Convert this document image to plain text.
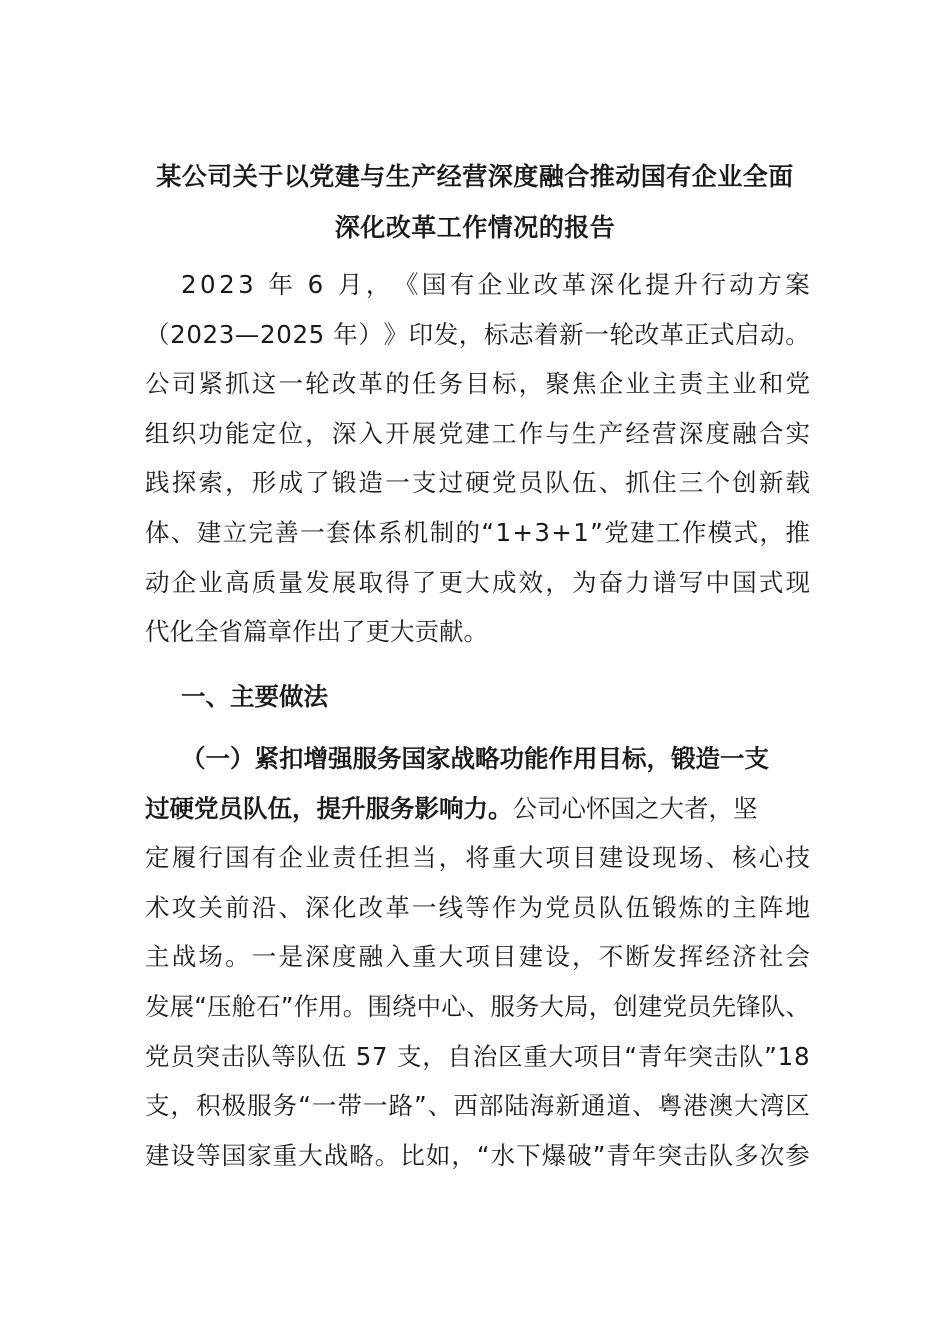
某公司关于以党建与生产经营深度融合推动国有企业全面
深化改革工作情况的报告
2 0 2 3
年
6
月 ， 《 国 有 企 业 改 革 深 化 提 升 行 动 方 案
（ 2 0 2 3 — 2 0 2 5
年 ） 》 印 发 ， 标 志 着 新 一 轮 改 革 正 式 启 动 。
公 司 紧 抓 这 一 轮 改 革 的 任 务 目 标 ， 聚 焦 企 业 主 责 主 业 和 党
组 织 功 能 定 位 ， 深 入 开 展 党 建 工 作 与 生 产 经 营 深 度 融 合 实
践 探 索 ， 形 成 了 锻 造 一 支 过 硬 党 员 队 伍 、 抓 住 三 个 创 新 载
体 、 建 立 完 善 一 套 体 系 机 制 的 “ 1 + 3 + 1 ” 党 建 工 作 模 式 ， 推
动 企 业 高 质 量 发 展 取 得 了 更 大 成 效 ， 为 奋 力 谱 写 中 国 式 现
代化全省篇章作出了更大贡献。
一、主要做法
（一）紧扣增强服务国家战略功能作用目标，锻造一支
过硬党员队伍，提升服务影响力。 公司心怀国之大者，坚
定 履 行 国 有 企 业 责 任 担 当 ， 将 重 大 项 目 建 设 现 场 、 核 心 技
术 攻 关 前 沿 、 深 化 改 革 一 线 等 作 为 党 员 队 伍 锻 炼 的 主 阵 地
主 战 场 。 一 是 深 度 融 入 重 大 项 目 建 设 ， 不 断 发 挥 经 济 社 会
发 展 “ 压 舱 石 ” 作 用 。 围 绕 中 心 、 服 务 大 局 ， 创 建 党 员 先 锋 队 、
党 员 突 击 队 等 队 伍
5 7
支 ， 自 治 区 重 大 项 目 “ 青 年 突 击 队 ” 1 8
支 ， 积 极 服 务 “ 一 带 一 路 ” 、 西 部 陆 海 新 通 道 、 粤 港 澳 大 湾 区
建 设 等 国 家 重 大 战 略 。 比 如 ， “ 水 下 爆 破 ” 青 年 突 击 队 多 次 参
